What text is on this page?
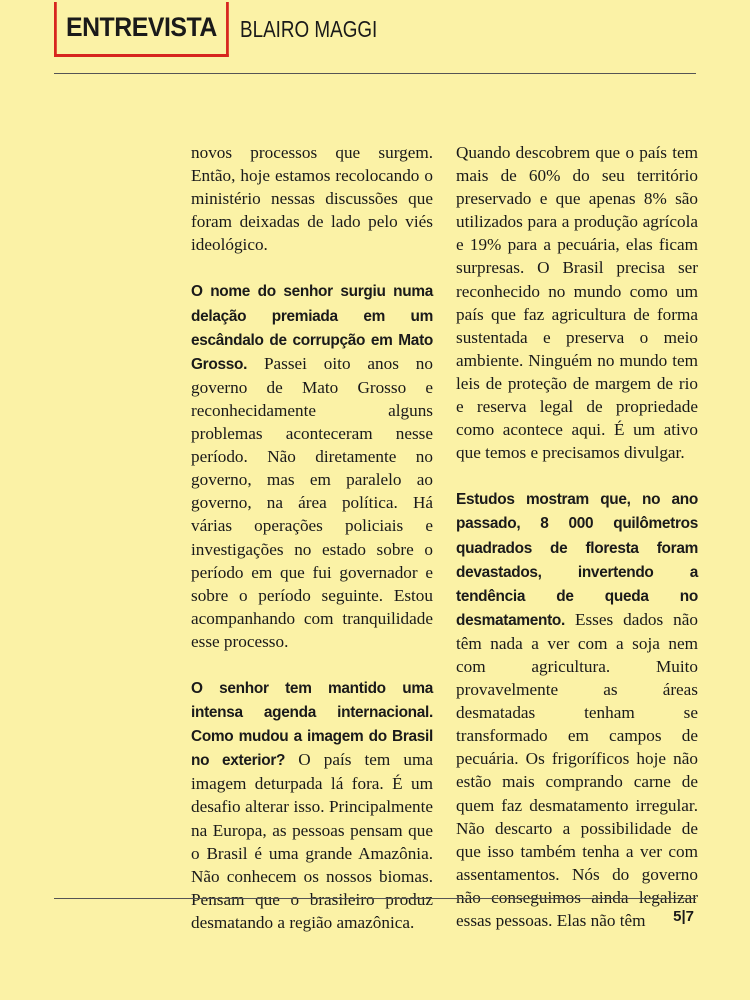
ENTREVISTA BLAIRO MAGGI

novos processos que surgem. Então, hoje estamos recolocando o ministério nessas discussões que foram deixadas de lado pelo viés ideológico.

O nome do senhor surgiu numa delação premiada em um escândalo de corrupção em Mato Grosso. Passei oito anos no governo de Mato Grosso e reconhecidamente alguns problemas aconteceram nesse período. Não diretamente no governo, mas em paralelo ao governo, na área política. Há várias operações policiais e investigações no estado sobre o período em que fui governador e sobre o período seguinte. Estou acompanhando com tranquilidade esse processo.

O senhor tem mantido uma intensa agenda internacional. Como mudou a imagem do Brasil no exterior? O país tem uma imagem deturpada lá fora. É um desafio alterar isso. Principalmente na Europa, as pessoas pensam que o Brasil é uma grande Amazônia. Não conhecem os nossos biomas. Pensam que o brasileiro produz desmatando a região amazônica.

Quando descobrem que o país tem mais de 60% do seu território preservado e que apenas 8% são utilizados para a produção agrícola e 19% para a pecuária, elas ficam surpresas. O Brasil precisa ser reconhecido no mundo como um país que faz agricultura de forma sustentada e preserva o meio ambiente. Ninguém no mundo tem leis de proteção de margem de rio e reserva legal de propriedade como acontece aqui. É um ativo que temos e precisamos divulgar.

Estudos mostram que, no ano passado, 8 000 quilômetros quadrados de floresta foram devastados, invertendo a tendência de queda no desmatamento. Esses dados não têm nada a ver com a soja nem com agricultura. Muito provavelmente as áreas desmatadas tenham se transformado em campos de pecuária. Os frigoríficos hoje não estão mais comprando carne de quem faz desmatamento irregular. Não descarto a possibilidade de que isso também tenha a ver com assentamentos. Nós do governo não conseguimos ainda legalizar essas pessoas. Elas não têm	5|7
